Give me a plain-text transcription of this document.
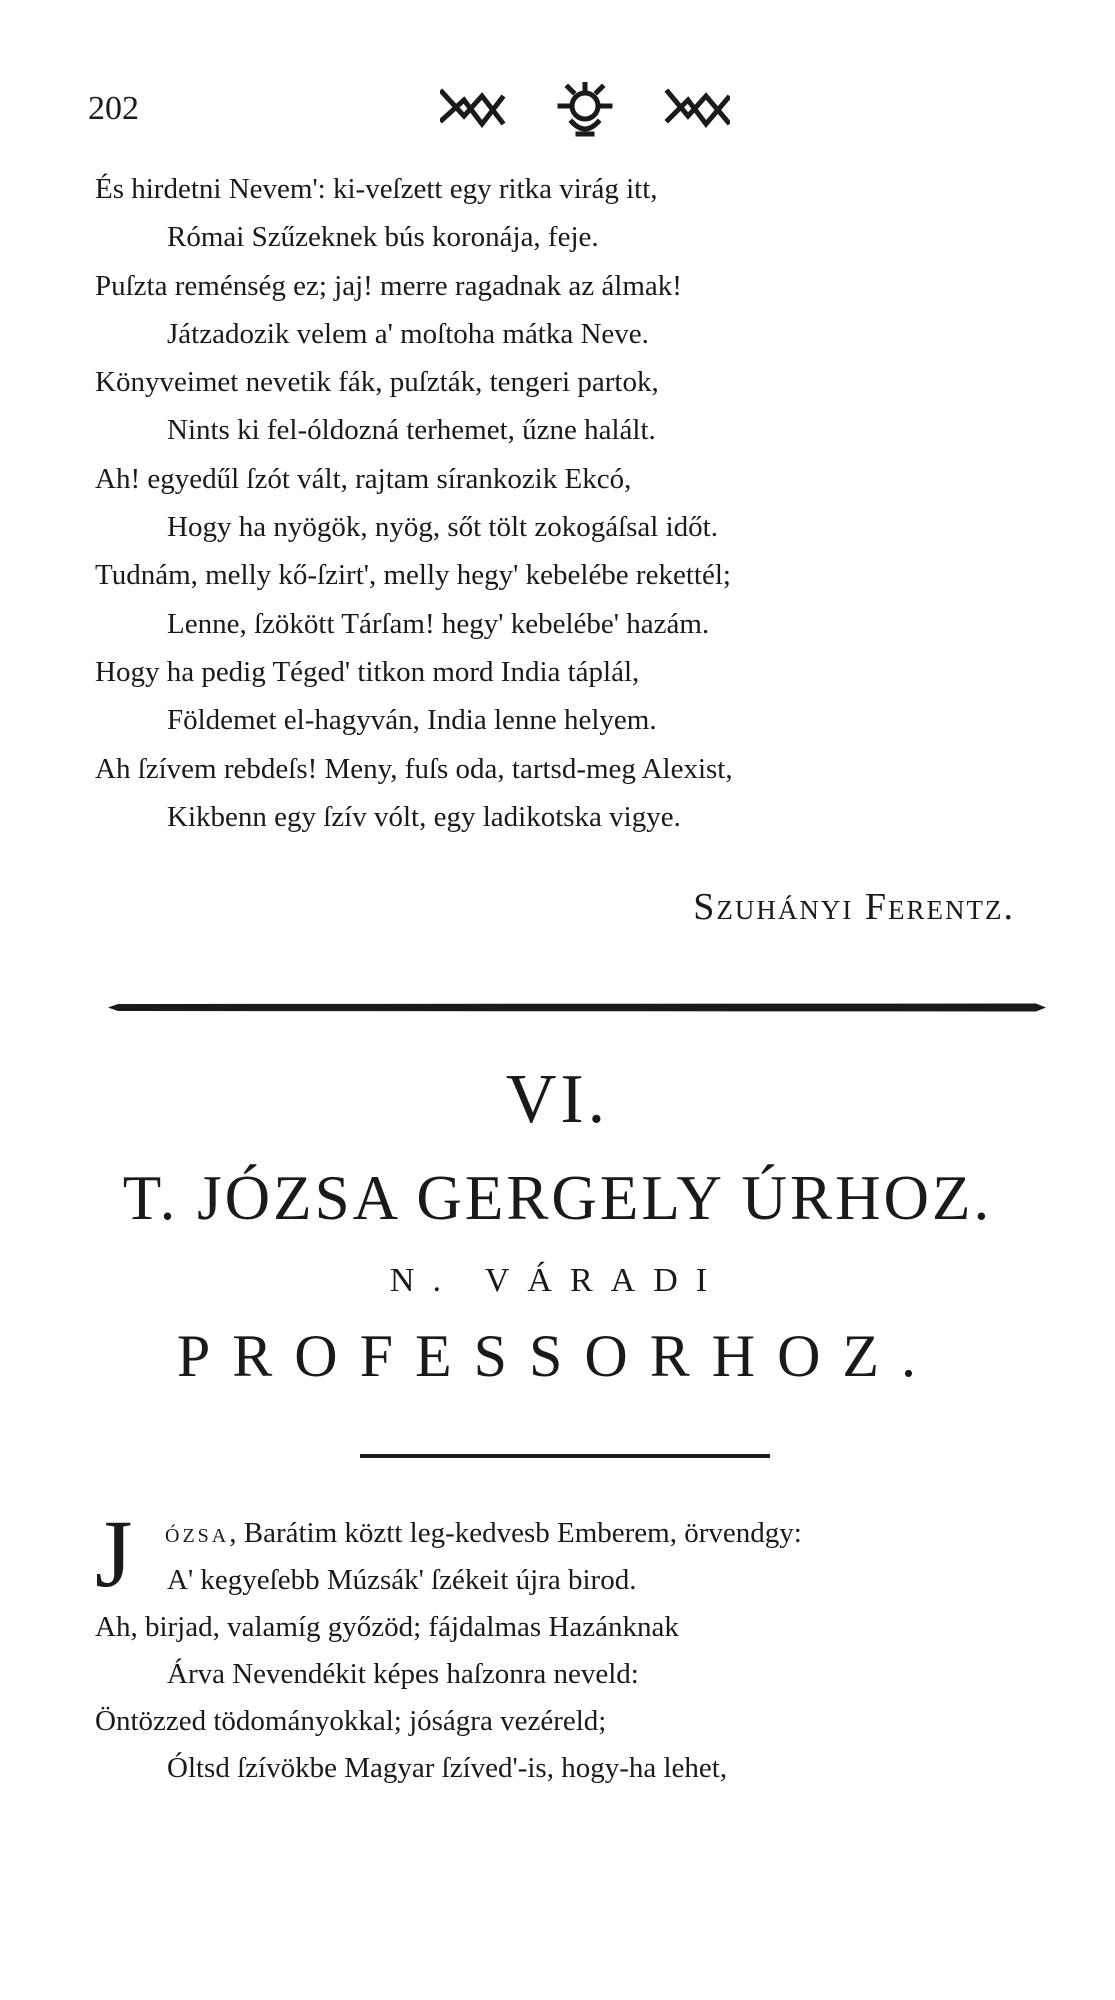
202
És hirdetni Nevem': ki-veſzett egy ritka virág itt,
Római Szűzeknek bús koronája, feje.
Puſzta reménség ez; jaj! merre ragadnak az álmak!
Játzadozik velem a' moſtoha mátka Neve.
Könyveimet nevetik fák, puſzták, tengeri partok,
Nints ki fel-óldozná terhemet, űzne halált.
Ah! egyedűl ſzót vált, rajtam sírankozik Ekcó,
Hogy ha nyögök, nyög, sőt tölt zokogáſsal időt.
Tudnám, melly kő-ſzirt', melly hegy' kebelébe rekettél;
Lenne, ſzökött Tárſam! hegy' kebelébe' hazám.
Hogy ha pedig Téged' titkon mord India táplál,
Földemet el-hagyván, India lenne helyem.
Ah ſzívem rebdeſs! Meny, fuſs oda, tartsd-meg Alexist,
Kikbenn egy ſzív vólt, egy ladikotska vigye.
Szuhányi Ferentz.
VI.
T. JÓZSA GERGELY ÚRHOZ.
N. VÁRADI
PROFESSORHOZ.
J ózsa, Barátim köztt leg-kedvesb Emberem, örvendgy:
A' kegyeſebb Múzsák' ſzékeit újra birod.
Ah, birjad, valamíg győzöd; fájdalmas Hazánknak
Árva Nevendékit képes haſzonra neveld:
Öntözzed tödományokkal; jóságra vezéreld;
Óltsd ſzívökbe Magyar ſzíved'-is, hogy-ha lehet,
